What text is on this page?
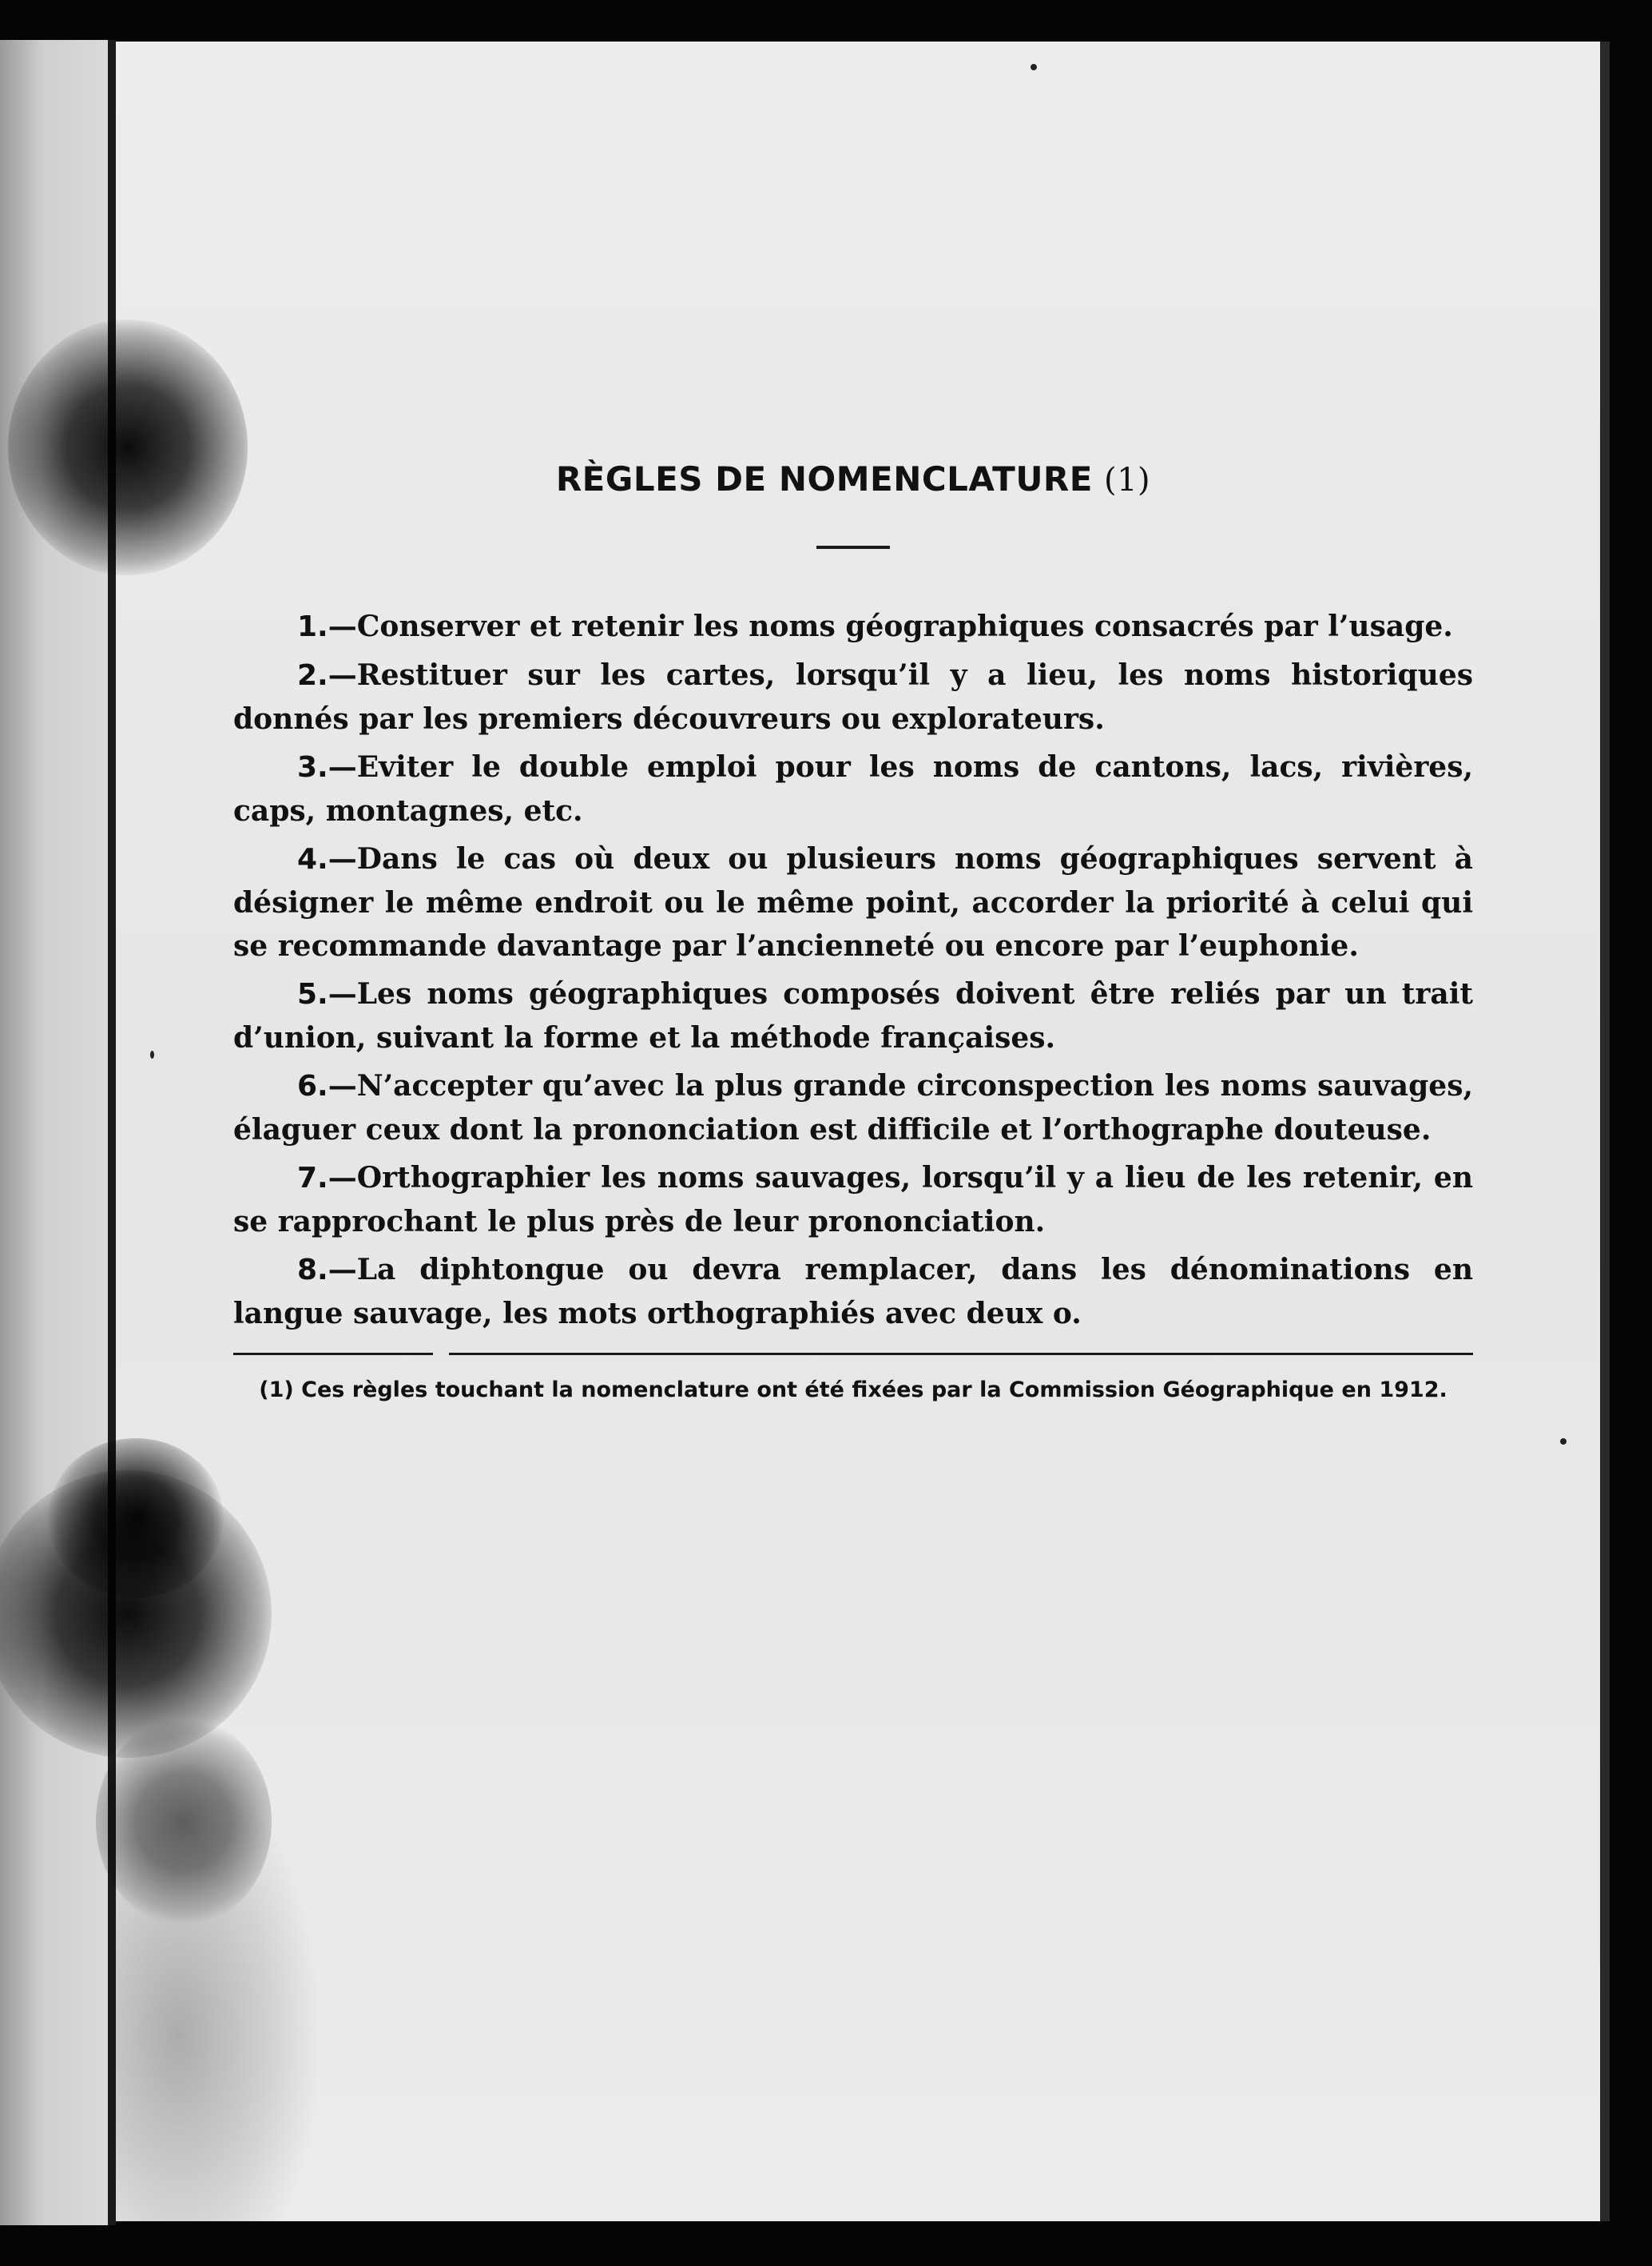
RÈGLES DE NOMENCLATURE (1)

1.—Conserver et retenir les noms géographiques consacrés par l’usage.

2.—Restituer sur les cartes, lorsqu’il y a lieu, les noms historiques donnés par les premiers découvreurs ou explorateurs.

3.—Eviter le double emploi pour les noms de cantons, lacs, rivières, caps, montagnes, etc.

4.—Dans le cas où deux ou plusieurs noms géographiques servent à désigner le même endroit ou le même point, accorder la priorité à celui qui se recommande davantage par l’ancienneté ou encore par l’euphonie.

5.—Les noms géographiques composés doivent être reliés par un trait d’union, suivant la forme et la méthode françaises.

6.—N’accepter qu’avec la plus grande circonspection les noms sauvages, élaguer ceux dont la prononciation est difficile et l’orthographe douteuse.

7.—Orthographier les noms sauvages, lorsqu’il y a lieu de les retenir, en se rapprochant le plus près de leur prononciation.

8.—La diphtongue ou devra remplacer, dans les dénominations en langue sauvage, les mots orthographiés avec deux o.

(1) Ces règles touchant la nomenclature ont été fixées par la Commission Géographique en 1912.
